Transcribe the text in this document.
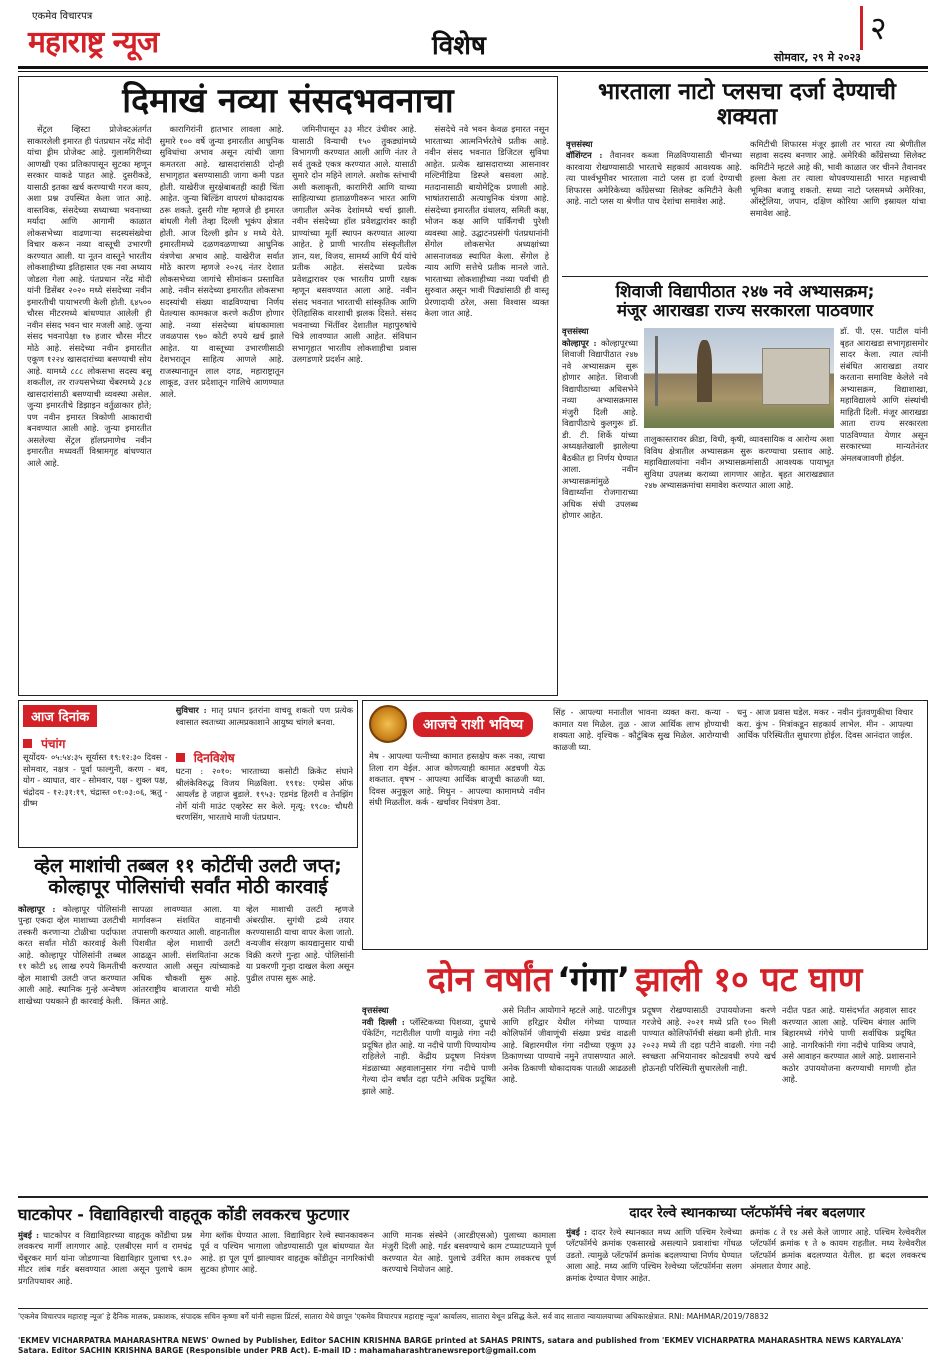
एकमेव विचारपत्र
महाराष्ट्र न्यूज	विशेष	२
सोमवार, २९ मे २०२३
दिमाखं नव्या संसदभवनाचा

सेंट्रल व्हिस्टा प्रोजेक्टअंतर्गत साकारलेली इमारत ही पंतप्रधान नरेंद्र मोदी यांचा ड्रीम प्रोजेक्ट आहे. गुलामगिरीच्या आणखी एका प्रतिकापासून सुटका म्हणून सरकार याकडे पाहत आहे. दुसरीकडे, यासाठी इतका खर्च करण्याची गरज काय, अशा प्रश्न उपस्थित केला जात आहे. वास्तविक, संसदेच्या सध्याच्या भवनाच्या मर्यादा आणि आगामी काळात लोकसभेच्या वाढणाऱ्या सदस्यसंख्येचा विचार करून नव्या वास्तूची उभारणी करण्यात आली. या नूतन वास्तूने भारतीय लोकशाहीच्या इतिहासात एक नवा अध्याय जोडला गेला आहे. पंतप्रधान नरेंद्र मोदी यांनी डिसेंबर २०२० मध्ये संसदेच्या नवीन इमारतीची पायाभरणी केली होती. ६४५०० चौरस मीटरमध्ये बांधण्यात आलेली ही नवीन संसद भवन चार मजली आहे. जुन्या संसद भवनापेक्षा १७ हजार चौरस मीटर मोठे आहे. संसदेच्या नवीन इमारतीत एकूण १२२४ खासदारांच्या बसण्याची सोय आहे. यामध्ये ८८८ लोकसभा सदस्य बसू शकतील, तर राज्यसभेच्या चेंबरमध्ये ३८४ खासदारांसाठी बसण्याची व्यवस्था असेल. जुन्या इमारतीचे डिझाइन वर्तुळाकार होते; पण नवीन इमारत त्रिकोणी आकाराची बनवण्यात आली आहे. जुन्या इमारतीत असलेल्या सेंट्रल हॉलप्रमाणेच नवीन इमारतीत मध्यवर्ती विश्रामगृह बांधण्यात आले आहे.

कारागिरांनी हातभार लावला आहे. सुमारे १०० वर्षे जुन्या इमारतीत आधुनिक सुविधांचा अभाव असून त्यांची जागा कमतरता आहे. खासदारांसाठी दोन्ही सभागृहात बसण्यासाठी जागा कमी पडत होती. याखेरीज सुरक्षेबाबतही काही चिंता आहेत. जुन्या बिल्डिंग वापरणं धोकादायक ठरू शकते. दुसरी गोष्ट म्हणजे ही इमारत बांधली गेली तेव्हा दिल्ली भूकंप क्षेत्रात होती. आज दिल्ली झोन ४ मध्ये येते. इमारतीमध्ये दळणवळणाच्या आधुनिक यंत्रणेचा अभाव आहे. याखेरीज सर्वात मोठे कारण म्हणजे २०२६ नंतर देशात लोकसभेच्या जागांचे सीमांकन प्रस्तावित आहे. नवीन संसदेच्या इमारतीत लोकसभा सदस्यांची संख्या वाढविण्याचा निर्णय घेतल्यास कामकाज करणे कठीण होणार आहे. नव्या संसदेच्या बांधकामाला जवळपास ९७० कोटी रुपये खर्च झाले आहेत. या वास्तूच्या उभारणीसाठी देशभरातून साहित्य आणले आहे. राजस्थानातून लाल दगड, महाराष्ट्रातून लाकूड, उत्तर प्रदेशातून गालिचे आणण्यात आले.

जमिनीपासून ३३ मीटर उंचीवर आहे. यासाठी विन्याची १५० तुकड्यांमध्ये विभागणी करण्यात आली आणि नंतर ते सर्व तुकडे एकत्र करण्यात आले. यासाठी सुमारे दोन महिने लागले. अशोक स्तंभाची अशी कलाकृती, कारागिरी आणि याच्या साहित्याच्या हाताळणीवरून भारत आणि जगातील अनेक देशांमध्ये चर्चा झाली. नवीन संसदेच्या हॉल प्रवेशद्वारांवर काही प्राण्यांच्या मूर्ती स्थापन करण्यात आल्या आहेत. हे प्राणी भारतीय संस्कृतीतील ज्ञान, यश, विजय, सामर्थ्य आणि धैर्य यांचे प्रतीक आहेत. संसदेच्या प्रत्येक प्रवेशद्वारावर एक भारतीय प्राणी रक्षक म्हणून बसवण्यात आला आहे. नवीन संसद भवनात भारताची सांस्कृतिक आणि ऐतिहासिक वारशाची झलक दिसते. संसद भवनाच्या भिंतींवर देशातील महापुरुषांचे चित्रे लावण्यात आली आहेत. संविधान सभागृहात भारतीय लोकशाहीचा प्रवास उलगडणारे प्रदर्शन आहे.

संसदेचे नवे भवन केवळ इमारत नसून भारताच्या आत्मनिर्भरतेचे प्रतीक आहे. नवीन संसद भवनात डिजिटल सुविधा आहेत. प्रत्येक खासदाराच्या आसनावर मल्टिमीडिया डिस्प्ले बसवला आहे. मतदानासाठी बायोमेट्रिक प्रणाली आहे. भाषांतरासाठी अत्याधुनिक यंत्रणा आहे. संसदेच्या इमारतीत ग्रंथालय, समिती कक्ष, भोजन कक्ष आणि पार्किंगची पुरेशी व्यवस्था आहे. उद्घाटनप्रसंगी पंतप्रधानांनी सेंगोल लोकसभेत अध्यक्षांच्या आसनाजवळ स्थापित केला. सेंगोल हे न्याय आणि सत्तेचे प्रतीक मानले जाते. भारताच्या लोकशाहीच्या नव्या पर्वाची ही सुरुवात असून भावी पिढ्यांसाठी ही वास्तू प्रेरणादायी ठरेल, असा विश्वास व्यक्त केला जात आहे.

भारताला नाटो प्लसचा दर्जा देण्याची शक्यता
वृत्तसंस्था
वॉशिंग्टन : तैवानवर कब्जा मिळविण्यासाठी चीनच्या कारवाया रोखण्यासाठी भारताचे सहकार्य आवश्यक आहे. त्या पार्श्वभूमीवर भारताला नाटो प्लस हा दर्जा देण्याची शिफारस अमेरिकेच्या काँग्रेसच्या सिलेक्ट कमिटीने केली आहे. नाटो प्लस या श्रेणीत पाच देशांचा समावेश आहे.
कमिटीची शिफारस मंजूर झाली तर भारत त्या श्रेणीतील सहावा सदस्य बनणार आहे. अमेरिकी काँग्रेसच्या सिलेक्ट कमिटीने म्हटले आहे की, भावी काळात जर चीनने तैवानवर हल्ला केला तर त्याला थोपवण्यासाठी भारत महत्त्वाची भूमिका बजावू शकतो. सध्या नाटो प्लसमध्ये अमेरिका, ऑस्ट्रेलिया, जपान, दक्षिण कोरिया आणि इस्रायल यांचा समावेश आहे.
शिवाजी विद्यापीठात २४७ नवे अभ्यासक्रम;
मंजूर आराखडा राज्य सरकारला पाठवणार
वृत्तसंस्था
कोल्हापूर : कोल्हापूरच्या शिवाजी विद्यापीठात २४७ नवे अभ्यासक्रम सुरू होणार आहेत. शिवाजी विद्यापीठाच्या अधिसभेने नव्या अभ्यासक्रमास मंजुरी दिली आहे. विद्यापीठाचे कुलगुरू डॉ. डी. टी. शिर्के यांच्या अध्यक्षतेखाली झालेल्या बैठकीत हा निर्णय घेण्यात आला. नवीन अभ्यासक्रमांमुळे विद्यार्थ्यांना रोजगाराच्या अधिक संधी उपलब्ध होणार आहेत.
तालुकास्तरावर क्रीडा, विधी, कृषी, व्यावसायिक व आरोग्य अशा विविध क्षेत्रातील अभ्यासक्रम सुरू करण्याचा प्रस्ताव आहे. महाविद्यालयांना नवीन अभ्यासक्रमांसाठी आवश्यक पायाभूत सुविधा उपलब्ध कराव्या लागणार आहेत. बृहत आराखड्यात २४७ अभ्यासक्रमांचा समावेश करण्यात आला आहे.
डॉ. पी. एस. पाटील यांनी बृहत आराखडा सभागृहासमोर सादर केला. त्यात त्यांनी संबंधित आराखडा तयार करताना समाविष्ट केलेले नवे अभ्यासक्रम, विद्याशाखा, महाविद्यालये आणि संस्थांची माहिती दिली. मंजूर आराखडा आता राज्य सरकारला पाठविण्यात येणार असून सरकारच्या मान्यतेनंतर अंमलबजावणी होईल.
आज दिनांक
पंचांग
सूर्योदय- ०५:५४:३५ सूर्यास्त १९:१२:३० दिवस - सोमवार, नक्षत्र - पूर्वा फाल्गुनी, करण - बव, योग - व्याघात, वार - सोमवार, पक्ष - शुक्ल पक्ष, चंद्रोदय - १२:३१:१९, चंद्रास्त ०१:०३:०६, ऋतु - ग्रीष्म
सुविचार : मातृ प्रधान इतरांना वाचवू शकतो पण प्रत्येक श्वासात स्वतःच्या आत्मप्रकाशाने आयुष्य चांगले बनवा.
दिनविशेष
घटना : २०१०: भारताच्या कसोटी क्रिकेट संघाने श्रीलंकेविरुद्ध विजय मिळविला. १९१४: एम्प्रेस ऑफ आयर्लंड हे जहाज बुडाले. १९५३: एडमंड हिलरी व तेनझिंग नोर्गे यांनी माउंट एव्हरेस्ट सर केले. मृत्यू: १९८७: चौधरी चरणसिंग, भारताचे माजी पंतप्रधान.
आजचे राशी भविष्य
मेष - आपल्या पत्नीच्या कामात हस्तक्षेप करू नका, त्याचा तिला राग येईल. आज कोणत्याही कामात अडचणी येऊ शकतात. वृषभ - आपल्या आर्थिक बाजूची काळजी घ्या. दिवस अनुकूल आहे. मिथुन - आपल्या कामामध्ये नवीन संधी मिळतील. कर्क - खर्चावर नियंत्रण ठेवा.
सिंह - आपल्या मनातील भावना व्यक्त करा. कन्या - कामात यश मिळेल. तुळ - आज आर्थिक लाभ होण्याची शक्यता आहे. वृश्चिक - कौटुंबिक सुख मिळेल. आरोग्याची काळजी घ्या.
धनु - आज प्रवास घडेल. मकर - नवीन गुंतवणुकीचा विचार करा. कुंभ - मित्रांकडून सहकार्य लाभेल. मीन - आपल्या आर्थिक परिस्थितीत सुधारणा होईल. दिवस आनंदात जाईल.
व्हेल माशांची तब्बल ११ कोटींची उलटी जप्त;
कोल्हापूर पोलिसांची सर्वांत मोठी कारवाई
कोल्हापूर : कोल्हापूर पोलिसांनी पुन्हा एकदा व्हेल माशाच्या उलटीची तस्करी करणाऱ्या टोळीचा पर्दाफाश करत सर्वांत मोठी कारवाई केली आहे. कोल्हापूर पोलिसांनी तब्बल ११ कोटी ४६ लाख रुपये किमतीची व्हेल माशाची उलटी जप्त करण्यात आली आहे. स्थानिक गुन्हे अन्वेषण शाखेच्या पथकाने ही कारवाई केली.
सापळा लावण्यात आला. या मार्गावरून संशयित वाहनाची तपासणी करण्यात आली. वाहनातील पिशवीत व्हेल माशाची उलटी आढळून आली. संशयितांना अटक करण्यात आली असून त्यांच्याकडे अधिक चौकशी सुरू आहे. आंतरराष्ट्रीय बाजारात याची मोठी किंमत आहे.
व्हेल माशाची उलटी म्हणजे अंबरग्रीस. सुगंधी द्रव्ये तयार करण्यासाठी याचा वापर केला जातो. वन्यजीव संरक्षण कायद्यानुसार याची विक्री करणे गुन्हा आहे. पोलिसांनी या प्रकरणी गुन्हा दाखल केला असून पुढील तपास सुरू आहे.	दोन वर्षांत ‘गंगा’ झाली १० पट घाण
वृत्तसंस्था
नवी दिल्ली : प्लॅस्टिकच्या पिशव्या, दुधाचे पॅकेटिंग, गटारीतील पाणी यामुळे गंगा नदी प्रदूषित होत आहे. या नदीचे पाणी पिण्यायोग्य राहिलेले नाही. केंद्रीय प्रदूषण नियंत्रण मंडळाच्या अहवालानुसार गंगा नदीचे पाणी गेल्या दोन वर्षांत दहा पटीने अधिक प्रदूषित झाले आहे.
असे नितीन आयोगाने म्हटले आहे. पाटलीपुत्र आणि हरिद्वार येथील गंगेच्या पाण्यात कोलिफॉर्म जीवाणूंची संख्या प्रचंड वाढली आहे. बिहारमधील गंगा नदीच्या एकूण ३३ ठिकाणच्या पाण्याचे नमुने तपासण्यात आले. अनेक ठिकाणी धोकादायक पातळी आढळली आहे.
प्रदूषण रोखण्यासाठी उपाययोजना करणे गरजेचे आहे. २०२१ मध्ये प्रति १०० मिली पाण्यात कोलिफॉर्मची संख्या कमी होती. मात्र २०२३ मध्ये ती दहा पटीने वाढली. गंगा नदी स्वच्छता अभियानावर कोट्यवधी रुपये खर्च होऊनही परिस्थिती सुधारलेली नाही.
नदीत पडत आहे. यासंदर्भात अहवाल सादर करण्यात आला आहे. पश्चिम बंगाल आणि बिहारमध्ये गंगेचे पाणी सर्वाधिक प्रदूषित आहे. नागरिकांनी गंगा नदीचे पावित्र्य जपावे, असे आवाहन करण्यात आले आहे. प्रशासनाने कठोर उपाययोजना करण्याची मागणी होत आहे.
घाटकोपर - विद्याविहारची वाहतूक कोंडी लवकरच फुटणार
मुंबई : घाटकोपर व विद्याविहारच्या वाहतूक कोंडीचा प्रश्न लवकरच मार्गी लागणार आहे. एलबीएस मार्ग व रामचंद्र चेंबूरकर मार्ग यांना जोडणाऱ्या विद्याविहार पुलाचा ९९.३० मीटर लांब गर्डर बसवण्यात आला असून पुलाचे काम प्रगतिपथावर आहे.
मेगा ब्लॉक घेण्यात आला. विद्याविहार रेल्वे स्थानकावरून पूर्व व पश्चिम भागाला जोडण्यासाठी पूल बांधण्यात येत आहे. हा पूल पूर्ण झाल्यावर वाहतूक कोंडीतून नागरिकांची सुटका होणार आहे.
आणि मानक संस्थेने (आरडीएसओ) पुलाच्या कामाला मंजुरी दिली आहे. गर्डर बसवण्याचे काम टप्प्याटप्प्याने पूर्ण करण्यात येत आहे. पुलाचे उर्वरित काम लवकरच पूर्ण करण्याचे नियोजन आहे.
दादर रेल्वे स्थानकाच्या प्लॅटफॉर्मचे नंबर बदलणार
मुंबई : दादर रेल्वे स्थानकात मध्य आणि पश्चिम रेल्वेच्या प्लॅटफॉर्मचे क्रमांक एकसारखे असल्याने प्रवाशांचा गोंधळ उडतो. त्यामुळे प्लॅटफॉर्म क्रमांक बदलण्याचा निर्णय घेण्यात आला आहे. मध्य आणि पश्चिम रेल्वेच्या प्लॅटफॉर्मना सलग क्रमांक देण्यात येणार आहेत.
क्रमांक ८ ते १४ असे केले जाणार आहे. पश्चिम रेल्वेवरील प्लॅटफॉर्म क्रमांक १ ते ७ कायम राहतील. मध्य रेल्वेवरील प्लॅटफॉर्म क्रमांक बदलण्यात येतील. हा बदल लवकरच अंमलात येणार आहे.
'एकमेव विचारपत्र महाराष्ट्र न्यूज' हे दैनिक मालक, प्रकाशक, संपादक सचिन कृष्णा बर्गे यांनी सहास प्रिंटर्स, सातारा येथे छापून 'एकमेव विचारपत्र महाराष्ट्र न्यूज' कार्यालय, सातारा येथून प्रसिद्ध केले. सर्व वाद सातारा न्यायालयाच्या अधिकारक्षेत्रात. RNI: MAHMAR/2019/78832
'EKMEV VICHARPATRA MAHARASHTRA NEWS' Owned by Publisher, Editor SACHIN KRISHNA BARGE printed at SAHAS PRINTS, satara and published from 'EKMEV VICHARPATRA MAHARASHTRA NEWS KARYALAYA' Satara. Editor SACHIN KRISHNA BARGE (Responsible under PRB Act). E-mail ID : mahamaharashtranewsreport@gmail.com
